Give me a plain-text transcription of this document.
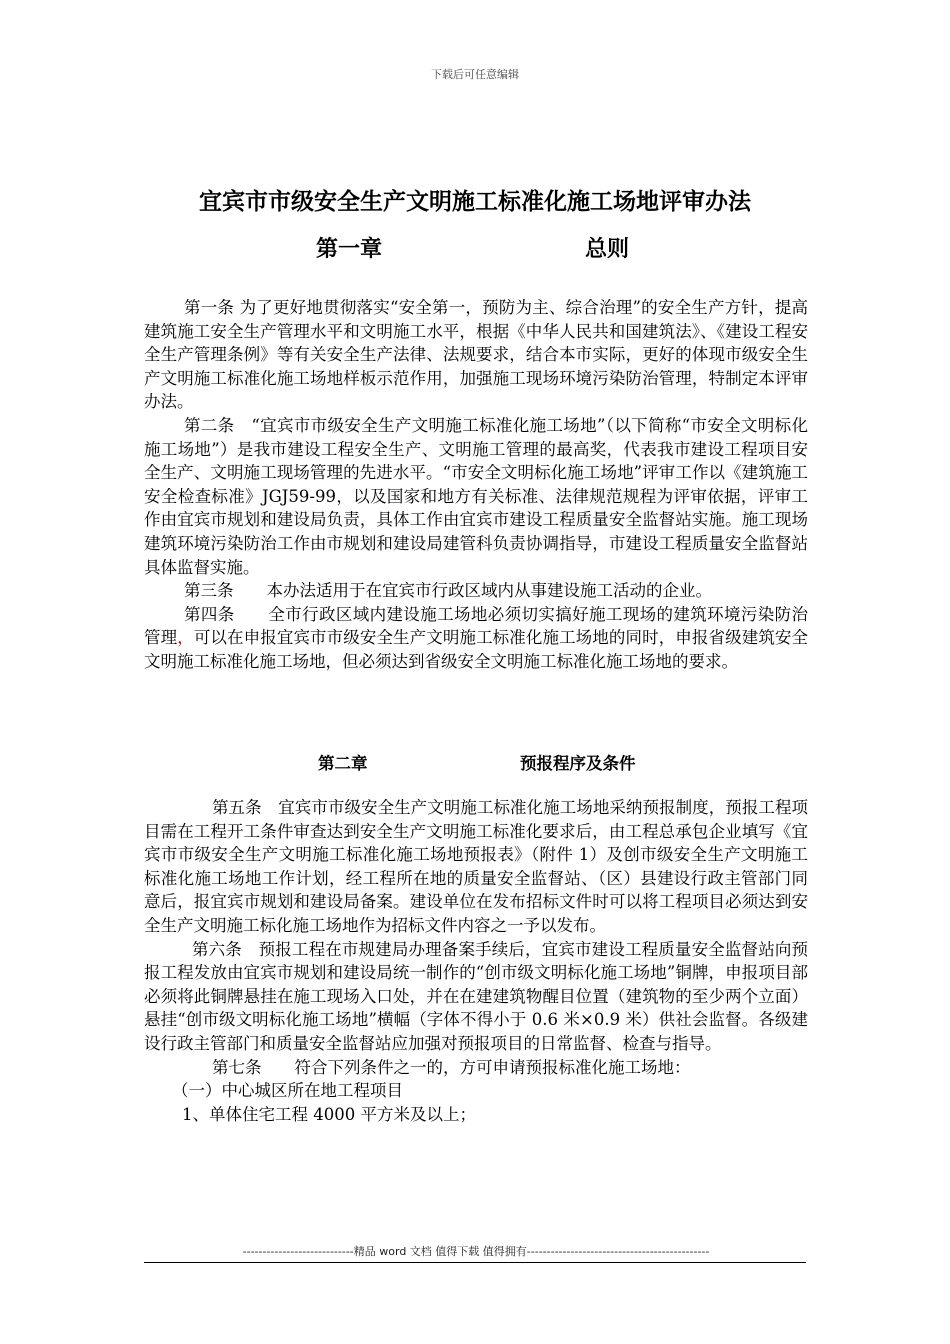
下载后可任意编辑
宜宾市市级安全生产文明施工标准化施工场地评审办法
第一章	总则

第一条 为了更好地贯彻落实“安全第一，预防为主、综合治理”的安全生产方针，提高建筑施工安全生产管理水平和文明施工水平，根据《中华人民共和国建筑法》、《建设工程安全生产管理条例》等有关安全生产法律、法规要求，结合本市实际，更好的体现市级安全生产文明施工标准化施工场地样板示范作用，加强施工现场环境污染防治管理，特制定本评审办法。

第二条　“宜宾市市级安全生产文明施工标准化施工场地”（以下简称“市安全文明标化施工场地”）是我市建设工程安全生产、文明施工管理的最高奖，代表我市建设工程项目安全生产、文明施工现场管理的先进水平。“市安全文明标化施工场地”评审工作以《建筑施工安全检查标准》JGJ59-99，以及国家和地方有关标准、法律规范规程为评审依据，评审工作由宜宾市规划和建设局负责，具体工作由宜宾市建设工程质量安全监督站实施。施工现场建筑环境污染防治工作由市规划和建设局建管科负责协调指导，市建设工程质量安全监督站具体监督实施。

第三条　　本办法适用于在宜宾市行政区域内从事建设施工活动的企业。

第四条　　全市行政区域内建设施工场地必须切实搞好施工现场的建筑环境污染防治管理，可以在申报宜宾市市级安全生产文明施工标准化施工场地的同时，申报省级建筑安全文明施工标准化施工场地，但必须达到省级安全文明施工标准化施工场地的要求。

第二章	预报程序及条件

第五条　宜宾市市级安全生产文明施工标准化施工场地采纳预报制度，预报工程项目需在工程开工条件审查达到安全生产文明施工标准化要求后，由工程总承包企业填写《宜宾市市级安全生产文明施工标准化施工场地预报表》（附件 1）及创市级安全生产文明施工标准化施工场地工作计划，经工程所在地的质量安全监督站、（区）县建设行政主管部门同意后，报宜宾市规划和建设局备案。建设单位在发布招标文件时可以将工程项目必须达到安全生产文明施工标化施工场地作为招标文件内容之一予以发布。

第六条　预报工程在市规建局办理备案手续后，宜宾市建设工程质量安全监督站向预报工程发放由宜宾市规划和建设局统一制作的“创市级文明标化施工场地”铜牌，申报项目部必须将此铜牌悬挂在施工现场入口处，并在在建建筑物醒目位置（建筑物的至少两个立面）悬挂“创市级文明标化施工场地”横幅（字体不得小于 0.6 米×0.9 米）供社会监督。各级建设行政主管部门和质量安全监督站应加强对预报项目的日常监督、检查与指导。

第七条　　符合下列条件之一的，方可申请预报标准化施工场地：

（一）中心城区所在地工程项目

1、单体住宅工程 4000 平方米及以上；

----------------------------精品 word 文档 值得下载 值得拥有----------------------------------------------
